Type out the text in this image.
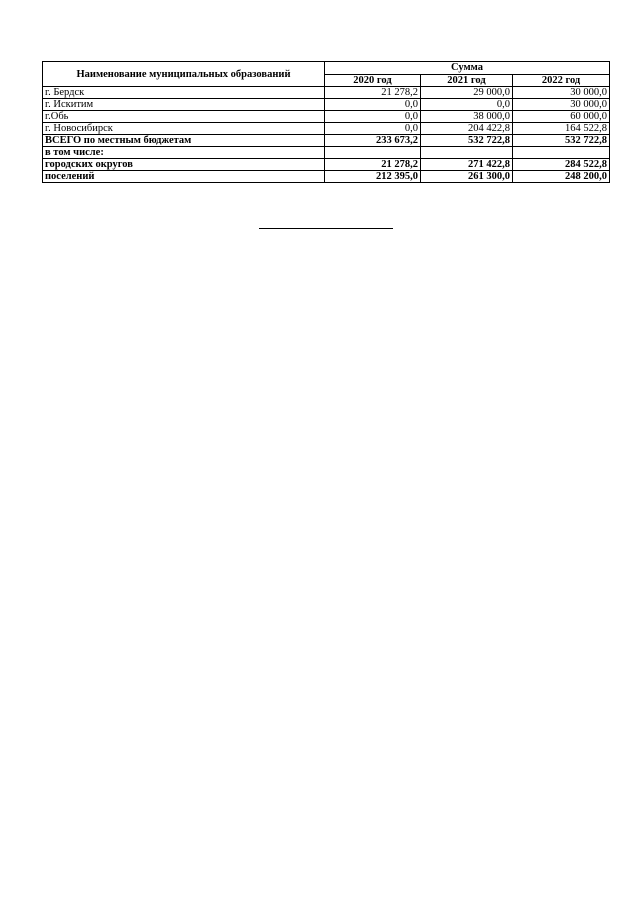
Наименование муниципальных образований	Сумма		
	2020 год	2021 год	2022 год
г. Бердск	21 278,2	29 000,0	30 000,0
г. Искитим	0,0	0,0	30 000,0
г.Обь	0,0	38 000,0	60 000,0
г. Новосибирск	0,0	204 422,8	164 522,8
ВСЕГО по местным бюджетам	233 673,2	532 722,8	532 722,8
в том числе:			
городских округов	21 278,2	271 422,8	284 522,8
поселений	212 395,0	261 300,0	248 200,0
